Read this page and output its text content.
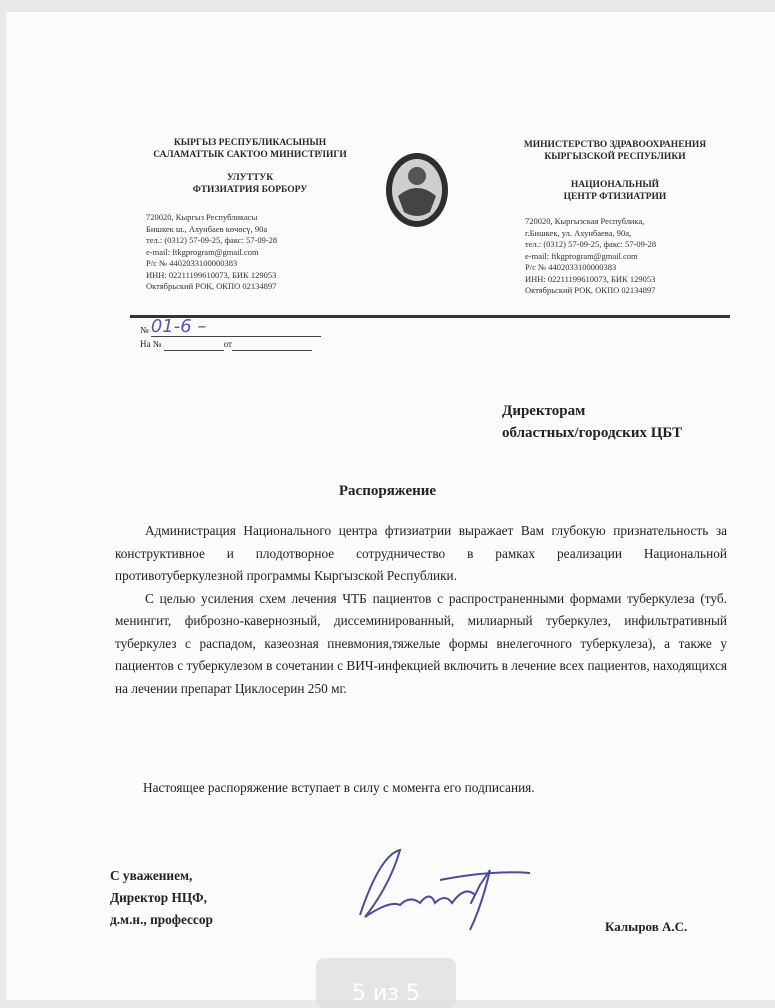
КЫРГЫЗ РЕСПУБЛИКАСЫНЫН
САЛАМАТТЫК САКТОО МИНИСТРЛИГИ
УЛУТТУК
ФТИЗИАТРИЯ БОРБОРУ
720020, Кыргыз Республикасы
Бишкек ш., Ахунбаев көчөсү, 90а
тел.: (0312) 57-09-25, факс: 57-09-28
e-mail: ftkgprogram@gmail.com
Р/с № 4402033100000383
ИНН: 02211199610073, БИК 129053
Октябрьский РОК, ОКПО 02134897
МИНИСТЕРСТВО ЗДРАВООХРАНЕНИЯ
КЫРГЫЗСКОЙ РЕСПУБЛИКИ
НАЦИОНАЛЬНЫЙ
ЦЕНТР ФТИЗИАТРИИ
720020, Кыргызская Республика,
г.Бишкек, ул. Ахунбаева, 90а,
тел.: (0312) 57-09-25, факс: 57-09-28
e-mail: ftkgprogram@gmail.com
Р/с № 4402033100000383
ИНН: 02211199610073, БИК 129053
Октябрьский РОК, ОКПО 02134897
№ 01-6 –
На №	от
Директорам
областных/городских ЦБТ
Распоряжение

Администрация Национального центра фтизиатрии выражает Вам глубокую признательность за конструктивное и плодотворное сотрудничество в рамках реализации Национальной противотуберкулезной программы Кыргызской Республики.

С целью усиления схем лечения ЧТБ пациентов с распространенными формами туберкулеза (туб. менингит, фиброзно-кавернозный, диссеминированный, милиарный туберкулез, инфильтративный туберкулез с распадом, казеозная пневмония,тяжелые формы внелегочного туберкулеза), а также у пациентов с туберкулезом в сочетании с ВИЧ-инфекцией включить в лечение всех пациентов, находящихся на лечении препарат Циклосерин 250 мг.

Настоящее распоряжение вступает в силу с момента его подписания.
С уважением,
Директор НЦФ,
д.м.н., профессор	Калыров А.С.
5 из 5
